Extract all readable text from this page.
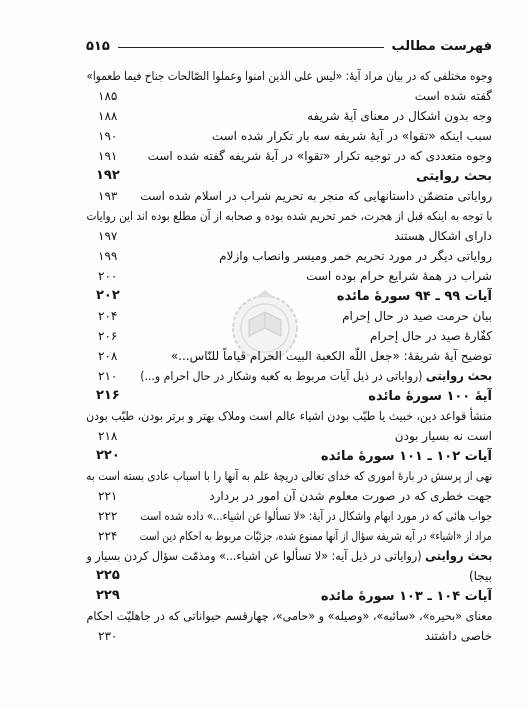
فهرست مطالب
۵۱۵
وجوه مختلفی که در بیان مراد آیهٔ: «لیس علی الذین امنوا وعملوا الصّالحات جناح فیما طعموا»
گفته شده است
۱۸۵
وجه بدون اشکال در معنای آیهٔ شریفه
۱۸۸
سبب اینکه «تقوا» در آیهٔ شریفه سه بار تکرار شده است
۱۹۰
وجوه متعددی که در توجیه تکرار «تقوا» در آیهٔ شریفه گفته شده است
۱۹۱
بحث روایتی
۱۹۲
روایاتی متضمّن داستانهایی که منجر به تحریم شراب در اسلام شده است
۱۹۳
با توجه به اینکه قبل از هجرت، خمر تحریم شده بوده و صحابه از آن مطلع بوده اند این روایات
دارای اشکال هستند
۱۹۷
روایاتی دیگر در مورد تحریم خمر ومیسر وانصاب وازلام
۱۹۹
شراب در همهٔ شرایع حرام بوده است
۲۰۰
آیات ۹۹ ـ ۹۴ سورهٔ مائده
۲۰۲
بیان حرمت صید در حال إحرام
۲۰۴
کفّارهٔ صید در حال إحرام
۲۰۶
توضیح آیهٔ شریفهٔ: «جعل اللّه الکعبة البیت الحرام قیاماً للنّاس...»
۲۰۸
بحث روایتی (روایاتی در ذیل آیات مربوط به کعبه وشکار در حال احرام و...)
۲۱۰
آیهٔ ۱۰۰ سورهٔ مائده
۲۱۶
منشأ قواعد دین، خبیث یا طیّب بودن اشیاء عالم است وملاک بهتر و برتر بودن، طیّب بودن
است نه بسیار بودن
۲۱۸
آیات ۱۰۲ ـ ۱۰۱ سورهٔ مائده
۲۲۰
نهی از پرسش در بارهٔ اموری که خدای تعالی دریچهٔ علم به آنها را با اسباب عادی بسته است به
جهت خطری که در صورت معلوم شدن آن امور در بردارد
۲۲۱
جواب هائی که در مورد ابهام واشکال در آیهٔ: «لا تسألوا عن اشیاء...» داده شده است
۲۲۲
مراد از «اشیاء» در آیه شریفه سؤال از آنها ممنوع شده، جزئیّات مربوط به احکام دین است
۲۲۴
بحث روایتی (روایاتی در ذیل آیه: «لا تسألوا عن اشیاء...» ومذمّت سؤال کردن بسیار و
بیجا)
۲۲۵
آیات ۱۰۴ ـ ۱۰۳ سورهٔ مائده
۲۲۹
معنای «بحیره»، «سائبه»، «وصیله» و «حامی»، چهارقسم حیواناتی که در جاهلیّت احکام
خاصی داشتند
۲۳۰
